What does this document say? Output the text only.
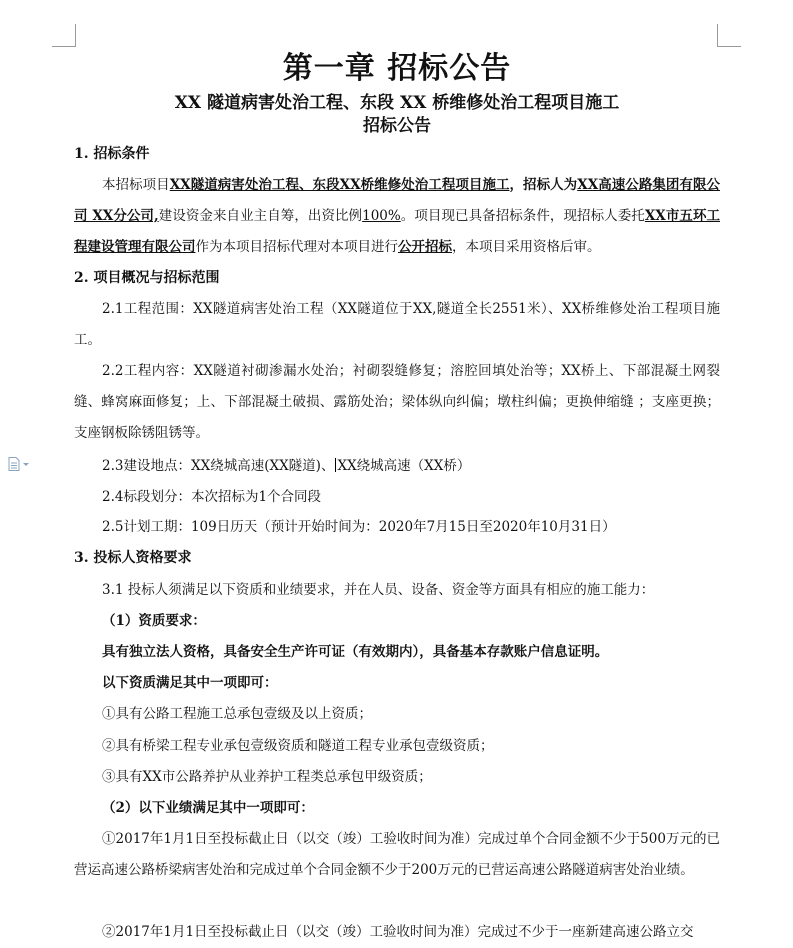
第一章 招标公告

XX 隧道病害处治工程、东段 XX 桥维修处治工程项目施工

招标公告

1. 招标条件
本招标项目XX隧道病害处治工程、东段XX桥维修处治工程项目施工，招标人为XX高速公路集团有限公司 XX分公司,建设资金来自业主自筹，出资比例100%。项目现已具备招标条件，现招标人委托XX市五环工程建设管理有限公司作为本项目招标代理对本项目进行公开招标，本项目采用资格后审。
2. 项目概况与招标范围
2.1工程范围：XX隧道病害处治工程（XX隧道位于XX,隧道全长2551米）、XX桥维修处治工程项目施工。
2.2工程内容：XX隧道衬砌渗漏水处治；衬砌裂缝修复；溶腔回填处治等；XX桥上、下部混凝土网裂缝、蜂窝麻面修复；上、下部混凝土破损、露筋处治；梁体纵向纠偏；墩柱纠偏；更换伸缩缝 ；支座更换；支座钢板除锈阻锈等。
2.3建设地点：XX绕城高速(XX隧道)、 XX绕城高速（XX桥）
2.4标段划分：本次招标为1个合同段
2.5计划工期：109日历天（预计开始时间为：2020年7月15日至2020年10月31日）
3. 投标人资格要求
3.1 投标人须满足以下资质和业绩要求，并在人员、设备、资金等方面具有相应的施工能力：
（1）资质要求：
具有独立法人资格，具备安全生产许可证（有效期内），具备基本存款账户信息证明。
以下资质满足其中一项即可：
①具有公路工程施工总承包壹级及以上资质；
②具有桥梁工程专业承包壹级资质和隧道工程专业承包壹级资质；
③具有XX市公路养护从业养护工程类总承包甲级资质；
（2）以下业绩满足其中一项即可：
①2017年1月1日至投标截止日（以交（竣）工验收时间为准）完成过单个合同金额不少于500万元的已营运高速公路桥梁病害处治和完成过单个合同金额不少于200万元的已营运高速公路隧道病害处治业绩。
②2017年1月1日至投标截止日（以交（竣）工验收时间为准）完成过不少于一座新建高速公路立交
